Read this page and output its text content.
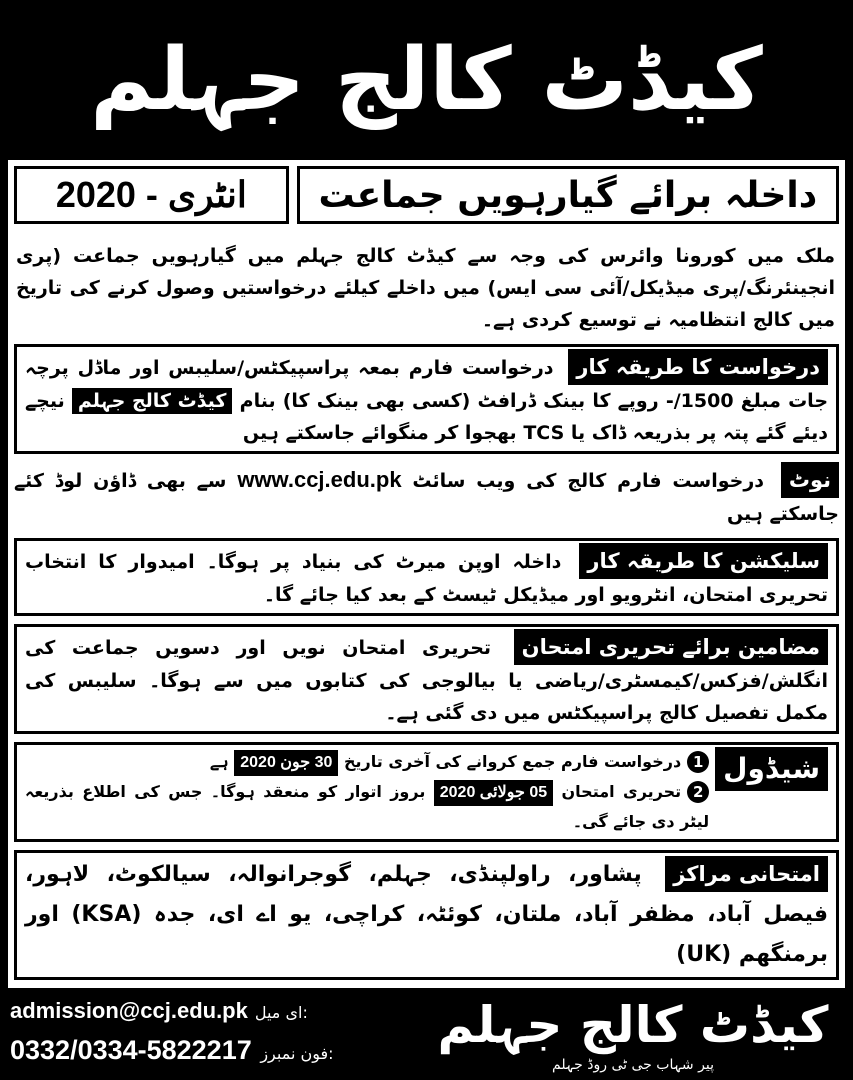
کیڈٹ کالج جہلم
داخلہ برائے گیارہویں جماعت
انٹری - 2020
ملک میں کورونا وائرس کی وجہ سے کیڈٹ کالج جہلم میں گیارہویں جماعت (پری انجینئرنگ/پری میڈیکل/آئی سی ایس) میں داخلے کیلئے درخواستیں وصول کرنے کی تاریخ میں کالج انتظامیہ نے توسیع کردی ہے۔
درخواست کا طریقہ کار درخواست فارم بمعہ پراسپیکٹس/سلیبس اور ماڈل پرچہ جات مبلغ 1500/- روپے کا بینک ڈرافٹ (کسی بھی بینک کا) بنام کیڈٹ کالج جہلم نیچے دیئے گئے پتہ پر بذریعہ ڈاک یا TCS بھجوا کر منگوائے جاسکتے ہیں
نوٹ درخواست فارم کالج کی ویب سائٹ www.ccj.edu.pk سے بھی ڈاؤن لوڈ کئے جاسکتے ہیں
سلیکشن کا طریقہ کار داخلہ اوپن میرٹ کی بنیاد پر ہوگا۔ امیدوار کا انتخاب تحریری امتحان، انٹرویو اور میڈیکل ٹیسٹ کے بعد کیا جائے گا۔
مضامین برائے تحریری امتحان تحریری امتحان نویں اور دسویں جماعت کی انگلش/فزکس/کیمسٹری/ریاضی یا بیالوجی کی کتابوں میں سے ہوگا۔ سلیبس کی مکمل تفصیل کالج پراسپیکٹس میں دی گئی ہے۔
شیڈول
1درخواست فارم جمع کروانے کی آخری تاریخ 30 جون 2020 ہے
2تحریری امتحان 05 جولائی 2020 بروز اتوار کو منعقد ہوگا۔ جس کی اطلاع بذریعہ لیٹر دی جائے گی۔
امتحانی مراکز پشاور، راولپنڈی، جہلم، گوجرانوالہ، سیالکوٹ، لاہور، فیصل آباد، مظفر آباد، ملتان، کوئٹہ، کراچی، یو اے ای، جدہ (KSA) اور برمنگھم (UK)
admission@ccj.edu.pk ای میل:
0332/0334-5822217 فون نمبرز: کیڈٹ کالج جہلم
پیر شہاب جی ٹی روڈ جہلم
